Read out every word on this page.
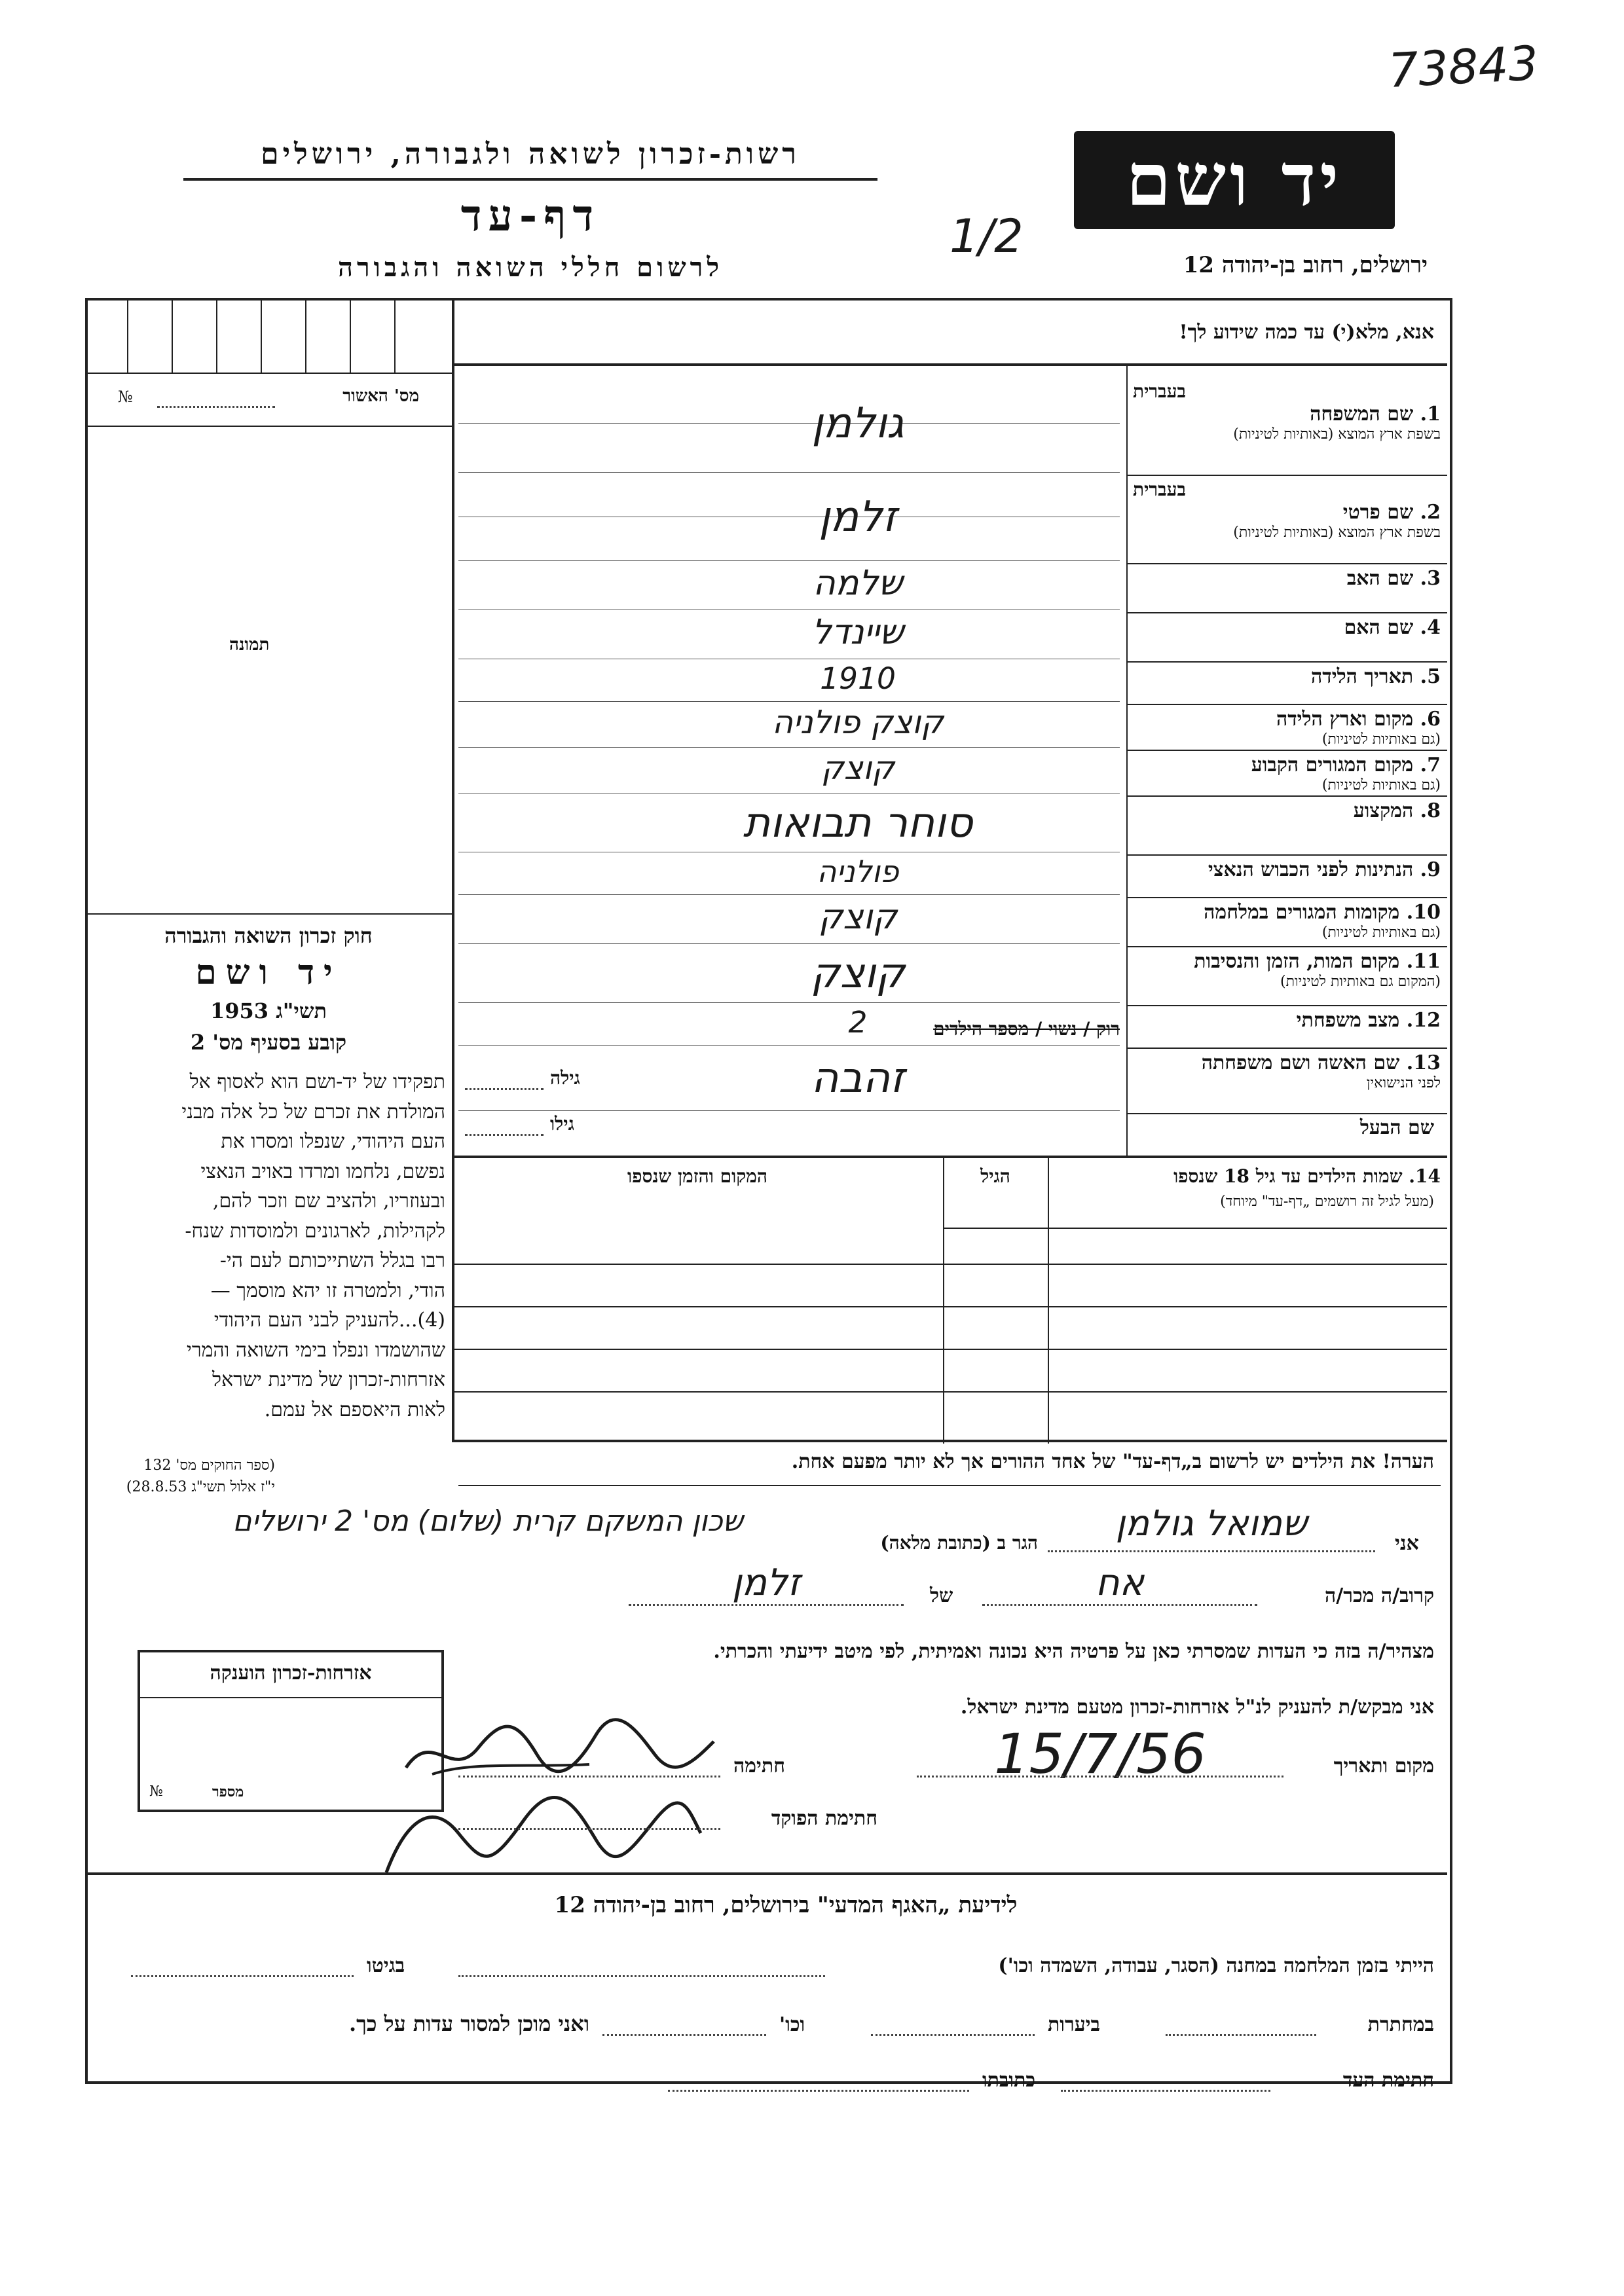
73843
רשות-זכרון לשואה ולגבורה, ירושלים
דף-עד
לרשום חללי השואה והגבורה
1/2
יד ושם
ירושלים, רחוב בן-יהודה 12
מס' האשור
№
תמונה
חוק זכרון השואה והגבורה
יד ושם
תשי"ג 1953
קובע בסעיף מס' 2
תפקידו של יד-ושם הוא לאסוף אל
המולדת את זכרם של כל אלה מבני
העם היהודי, שנפלו ומסרו את
נפשם, נלחמו ומרדו באויב הנאצי
ובעוזריו, ולהציב שם וזכר להם,
לקהילות, לארגונים ולמוסדות שנח-
רבו בגלל השתייכותם לעם הי-
הודי, ולמטרה זו יהא מוסמך —
(4)...להעניק לבני העם היהודי
שהושמדו ונפלו בימי השואה והמרי
אזרחות-זכרון של מדינת ישראל
לאות היאספם אל עמם.
(ספר החוקים מס' 132
י"ז אלול תשי"ג 28.8.53)
אנא, מלא(י) עד כמה שידוע לך!
בעברית
1. שם המשפחה
בשפת ארץ המוצא (באותיות לטיניות)
גולמן
בעברית
2. שם פרטי
בשפת ארץ המוצא (באותיות לטיניות)
זלמן
3. שם האב
שלמה
4. שם האם
שיינדל
5. תאריך הלידה
1910
6. מקום וארץ הלידה
(גם באותיות לטיניות)
קוצק פולניה
7. מקום המגורים הקבוע
(גם באותיות לטיניות)
קוצק
8. המקצוע
סוחר תבואות
9. הנתינות לפני הכבוש הנאצי
פולניה
10. מקומות המגורים במלחמה
(גם באותיות לטיניות)
קוצק
11. מקום המות, הזמן והנסיבות
(המקום גם באותיות לטיניות)
קוצק
12. מצב משפחתי
2
13. שם האשה ושם משפחתה
לפני הנישואין
זהבה
רוק / נשוי / מספר הילדים
גילה
שם הבעל
גילו
14. שמות הילדים עד גיל 18 שנספו
(מעל לגיל זה רושמים „דף-עד" מיוחד)
הגיל
המקום והזמן שנספו
הערה! את הילדים יש לרשום ב„דף-עד" של אחד ההורים אך לא יותר מפעם אחת.
אני
שמואל גולמן
הגר ב (כתובת מלאה)
שכון המשקם קרית (שלום) מס' 2 ירושלים
קרוב/ה מכר/ה
אח
של
זלמן
מצהיר/ה בזה כי העדות שמסרתי כאן על פרטיה היא נכונה ואמיתית, לפי מיטב ידיעתי והכרתי.
אני מבקש/ת להעניק לנ"ל אזרחות-זכרון מטעם מדינת ישראל.
אזרחות-זכרון הוענקה
מספר
№
מקום ותאריך
15/7/56
חתימה
חתימת הפוקד
לידיעת „האגף המדעי" בירושלים, רחוב בן-יהודה 12
הייתי בזמן המלחמה במחנה (הסגר, עבודה, השמדה וכו')
בגיטו
במחתרת
ביערות
וכו'
ואני מוכן למסור עדות על כך.
חתימת העד
כתובתו
